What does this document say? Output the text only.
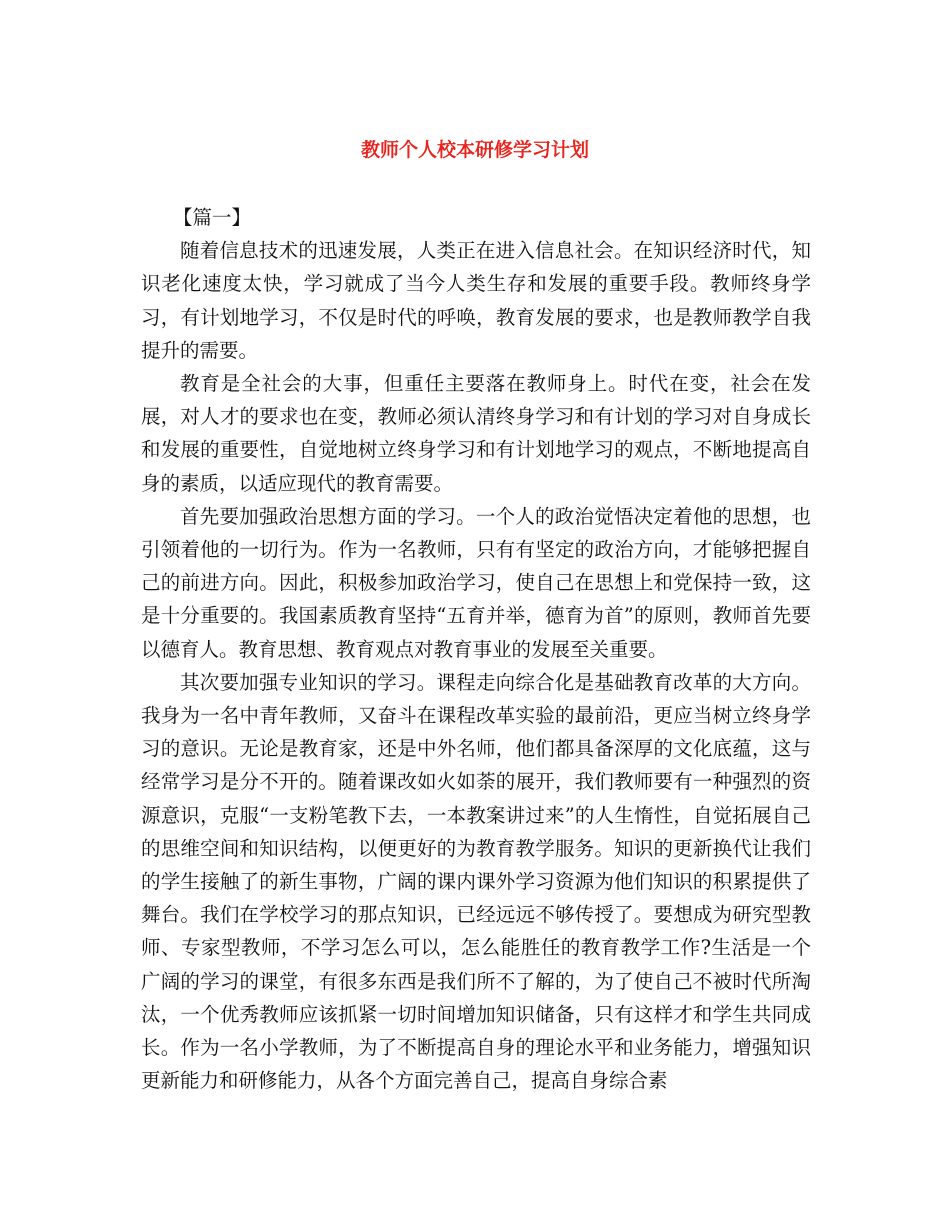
教师个人校本研修学习计划

【篇一】

随着信息技术的迅速发展，人类正在进入信息社会。在知识经济时代，知识老化速度太快，学习就成了当今人类生存和发展的重要手段。教师终身学习，有计划地学习，不仅是时代的呼唤，教育发展的要求，也是教师教学自我提升的需要。

教育是全社会的大事，但重任主要落在教师身上。时代在变，社会在发展，对人才的要求也在变，教师必须认清终身学习和有计划的学习对自身成长和发展的重要性，自觉地树立终身学习和有计划地学习的观点，不断地提高自身的素质，以适应现代的教育需要。

首先要加强政治思想方面的学习。一个人的政治觉悟决定着他的思想，也引领着他的一切行为。作为一名教师，只有有坚定的政治方向，才能够把握自己的前进方向。因此，积极参加政治学习，使自己在思想上和党保持一致，这是十分重要的。我国素质教育坚持“五育并举，德育为首”的原则，教师首先要以德育人。教育思想、教育观点对教育事业的发展至关重要。

其次要加强专业知识的学习。课程走向综合化是基础教育改革的大方向。我身为一名中青年教师，又奋斗在课程改革实验的最前沿，更应当树立终身学习的意识。无论是教育家，还是中外名师，他们都具备深厚的文化底蕴，这与经常学习是分不开的。随着课改如火如荼的展开，我们教师要有一种强烈的资源意识，克服“一支粉笔教下去，一本教案讲过来”的人生惰性，自觉拓展自己的思维空间和知识结构，以便更好的为教育教学服务。知识的更新换代让我们的学生接触了的新生事物，广阔的课内课外学习资源为他们知识的积累提供了舞台。我们在学校学习的那点知识，已经远远不够传授了。要想成为研究型教师、专家型教师，不学习怎么可以，怎么能胜任的教育教学工作?生活是一个广阔的学习的课堂，有很多东西是我们所不了解的，为了使自己不被时代所淘汰，一个优秀教师应该抓紧一切时间增加知识储备，只有这样才和学生共同成长。作为一名小学教师，为了不断提高自身的理论水平和业务能力，增强知识更新能力和研修能力，从各个方面完善自己，提高自身综合素
